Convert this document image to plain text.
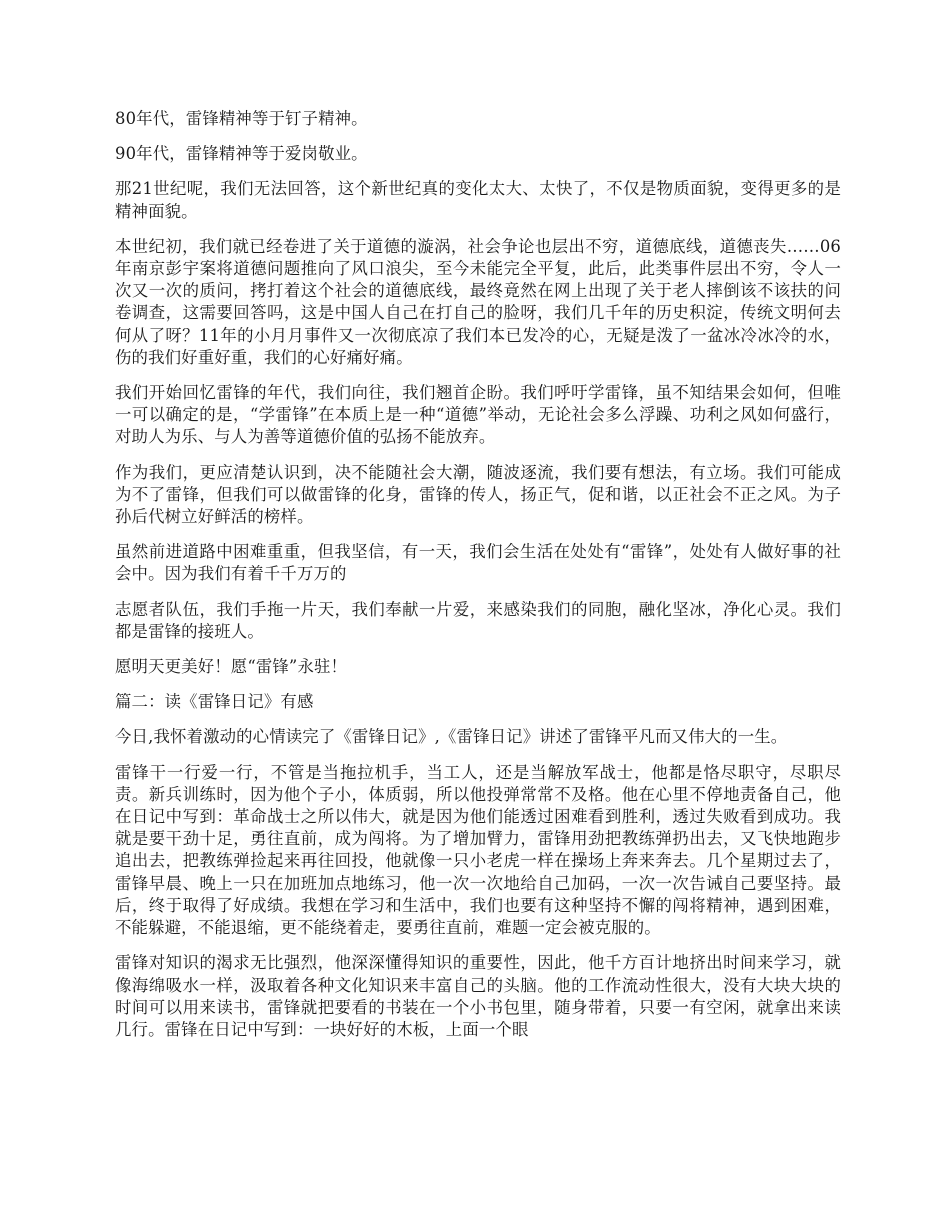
80年代，雷锋精神等于钉子精神。

90年代，雷锋精神等于爱岗敬业。

那21世纪呢，我们无法回答，这个新世纪真的变化太大、太快了，不仅是物质面貌，变得更多的是精神面貌。

本世纪初，我们就已经卷进了关于道德的漩涡，社会争论也层出不穷，道德底线，道德丧失……06年南京彭宇案将道德问题推向了风口浪尖，至今未能完全平复，此后，此类事件层出不穷，令人一次又一次的质问，拷打着这个社会的道德底线，最终竟然在网上出现了关于老人摔倒该不该扶的问卷调查，这需要回答吗，这是中国人自己在打自己的脸呀，我们几千年的历史积淀，传统文明何去何从了呀？11年的小月月事件又一次彻底凉了我们本已发冷的心，无疑是泼了一盆冰冷冰冷的水，伤的我们好重好重，我们的心好痛好痛。

我们开始回忆雷锋的年代，我们向往，我们翘首企盼。我们呼吁学雷锋，虽不知结果会如何，但唯一可以确定的是，“学雷锋”在本质上是一种“道德”举动，无论社会多么浮躁、功利之风如何盛行，对助人为乐、与人为善等道德价值的弘扬不能放弃。

作为我们，更应清楚认识到，决不能随社会大潮，随波逐流，我们要有想法，有立场。我们可能成为不了雷锋，但我们可以做雷锋的化身，雷锋的传人，扬正气，促和谐，以正社会不正之风。为子孙后代树立好鲜活的榜样。

虽然前进道路中困难重重，但我坚信，有一天，我们会生活在处处有“雷锋”，处处有人做好事的社会中。因为我们有着千千万万的

志愿者队伍，我们手拖一片天，我们奉献一片爱，来感染我们的同胞，融化坚冰，净化心灵。我们都是雷锋的接班人。

愿明天更美好！愿“雷锋”永驻！

篇二：读《雷锋日记》有感

今日,我怀着激动的心情读完了《雷锋日记》,《雷锋日记》讲述了雷锋平凡而又伟大的一生。

雷锋干一行爱一行，不管是当拖拉机手，当工人，还是当解放军战士，他都是恪尽职守，尽职尽责。新兵训练时，因为他个子小，体质弱，所以他投弹常常不及格。他在心里不停地责备自己，他在日记中写到：革命战士之所以伟大，就是因为他们能透过困难看到胜利，透过失败看到成功。我就是要干劲十足，勇往直前，成为闯将。为了增加臂力，雷锋用劲把教练弹扔出去，又飞快地跑步追出去，把教练弹捡起来再往回投，他就像一只小老虎一样在操场上奔来奔去。几个星期过去了，雷锋早晨、晚上一只在加班加点地练习，他一次一次地给自己加码，一次一次告诫自己要坚持。最后，终于取得了好成绩。我想在学习和生活中，我们也要有这种坚持不懈的闯将精神，遇到困难，不能躲避，不能退缩，更不能绕着走，要勇往直前，难题一定会被克服的。

雷锋对知识的渴求无比强烈，他深深懂得知识的重要性，因此，他千方百计地挤出时间来学习，就像海绵吸水一样，汲取着各种文化知识来丰富自己的头脑。他的工作流动性很大，没有大块大块的时间可以用来读书，雷锋就把要看的书装在一个小书包里，随身带着，只要一有空闲，就拿出来读几行。雷锋在日记中写到：一块好好的木板，上面一个眼
